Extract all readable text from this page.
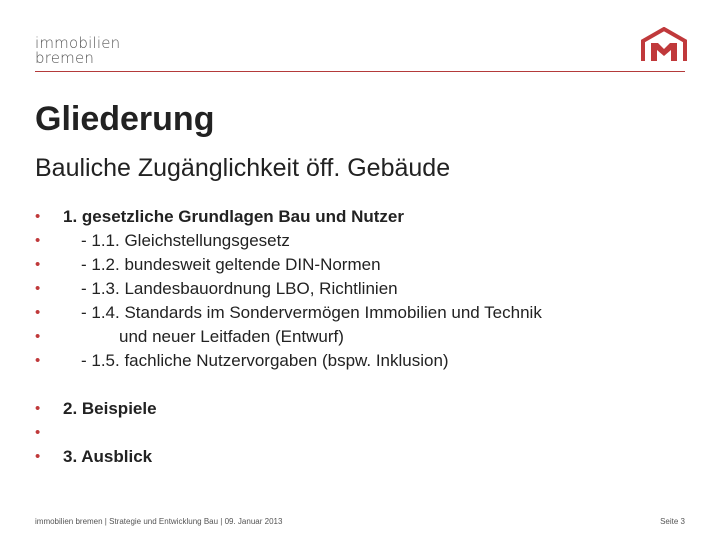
immobilien
bremen
Gliederung
Bauliche Zugänglichkeit öff. Gebäude
•	1. gesetzliche Grundlagen Bau und Nutzer
•	- 1.1. Gleichstellungsgesetz
•	- 1.2. bundesweit geltende DIN-Normen
•	- 1.3. Landesbauordnung LBO, Richtlinien
•	- 1.4. Standards im Sondervermögen Immobilien und Technik
•	und neuer Leitfaden (Entwurf)
•	- 1.5. fachliche Nutzervorgaben (bspw. Inklusion)
•	2. Beispiele
•
•	3. Ausblick
immobilien bremen | Strategie und Entwicklung Bau | 09. Januar 2013	Seite 3
